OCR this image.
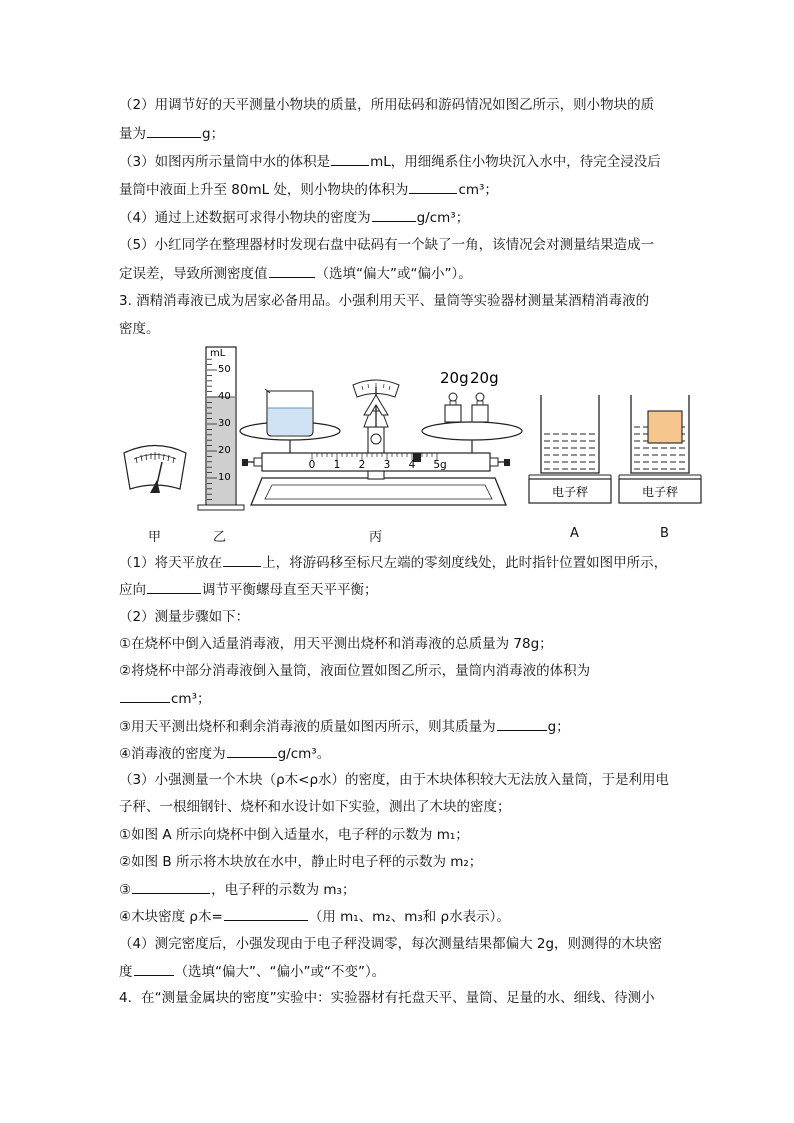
（2）用调节好的天平测量小物块的质量，所用砝码和游码情况如图乙所示，则小物块的质
量为	g；
（3）如图丙所示量筒中水的体积是	mL，用细绳系住小物块沉入水中，待完全浸没后
量筒中液面上升至 80mL 处，则小物块的体积为	cm³；
（4）通过上述数据可求得小物块的密度为	g/cm³；
（5）小红同学在整理器材时发现右盘中砝码有一个缺了一角，该情况会对测量结果造成一
定误差，导致所测密度值	（选填“偏大”或“偏小”）。
3. 酒精消毒液已成为居家必备用品。小强利用天平、量筒等实验器材测量某酒精消毒液的
密度。
mL
50
40
30
20
10
20g 20g
0 1 2 3 4 5g
电子秤	电子秤
甲	乙	丙	A	B
（1）将天平放在	上，将游码移至标尺左端的零刻度线处，此时指针位置如图甲所示，
应向	调节平衡螺母直至天平平衡；
（2）测量步骤如下：
①在烧杯中倒入适量消毒液，用天平测出烧杯和消毒液的总质量为 78g；
②将烧杯中部分消毒液倒入量筒，液面位置如图乙所示，量筒内消毒液的体积为
cm³；
③用天平测出烧杯和剩余消毒液的质量如图丙所示，则其质量为	g；
④消毒液的密度为	g/cm³。
（3）小强测量一个木块（ρ木<ρ水）的密度，由于木块体积较大无法放入量筒，于是利用电
子秤、一根细钢针、烧杯和水设计如下实验，测出了木块的密度；
①如图 A 所示向烧杯中倒入适量水，电子秤的示数为 m₁；
②如图 B 所示将木块放在水中，静止时电子秤的示数为 m₂；
③	，电子秤的示数为 m₃；
④木块密度 ρ木=	（用 m₁、m₂、m₃和 ρ水表示）。
（4）测完密度后，小强发现由于电子秤没调零，每次测量结果都偏大 2g，则测得的木块密
度	（选填“偏大”、“偏小”或“不变”）。
4．在“测量金属块的密度”实验中：实验器材有托盘天平、量筒、足量的水、细线、待测小
